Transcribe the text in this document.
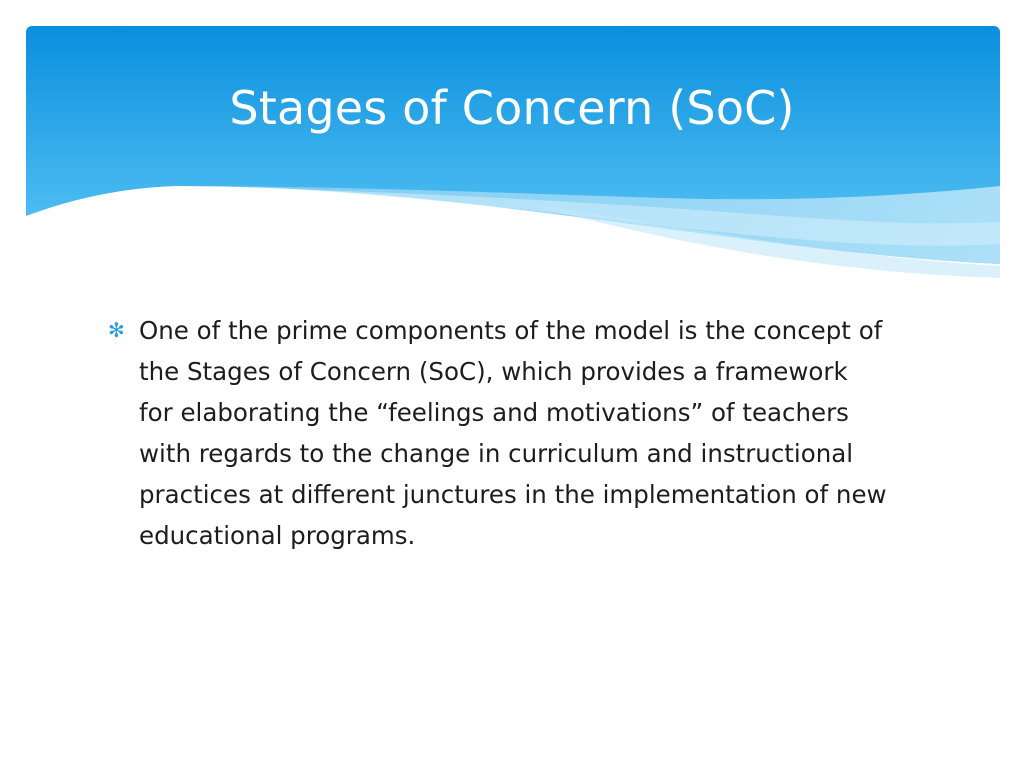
Stages of Concern (SoC)
✻ One of the prime components of the model is the concept of the Stages of Concern (SoC), which provides a framework for elaborating the “feelings and motivations” of teachers with regards to the change in curriculum and instructional practices at different junctures in the implementation of new educational programs.
